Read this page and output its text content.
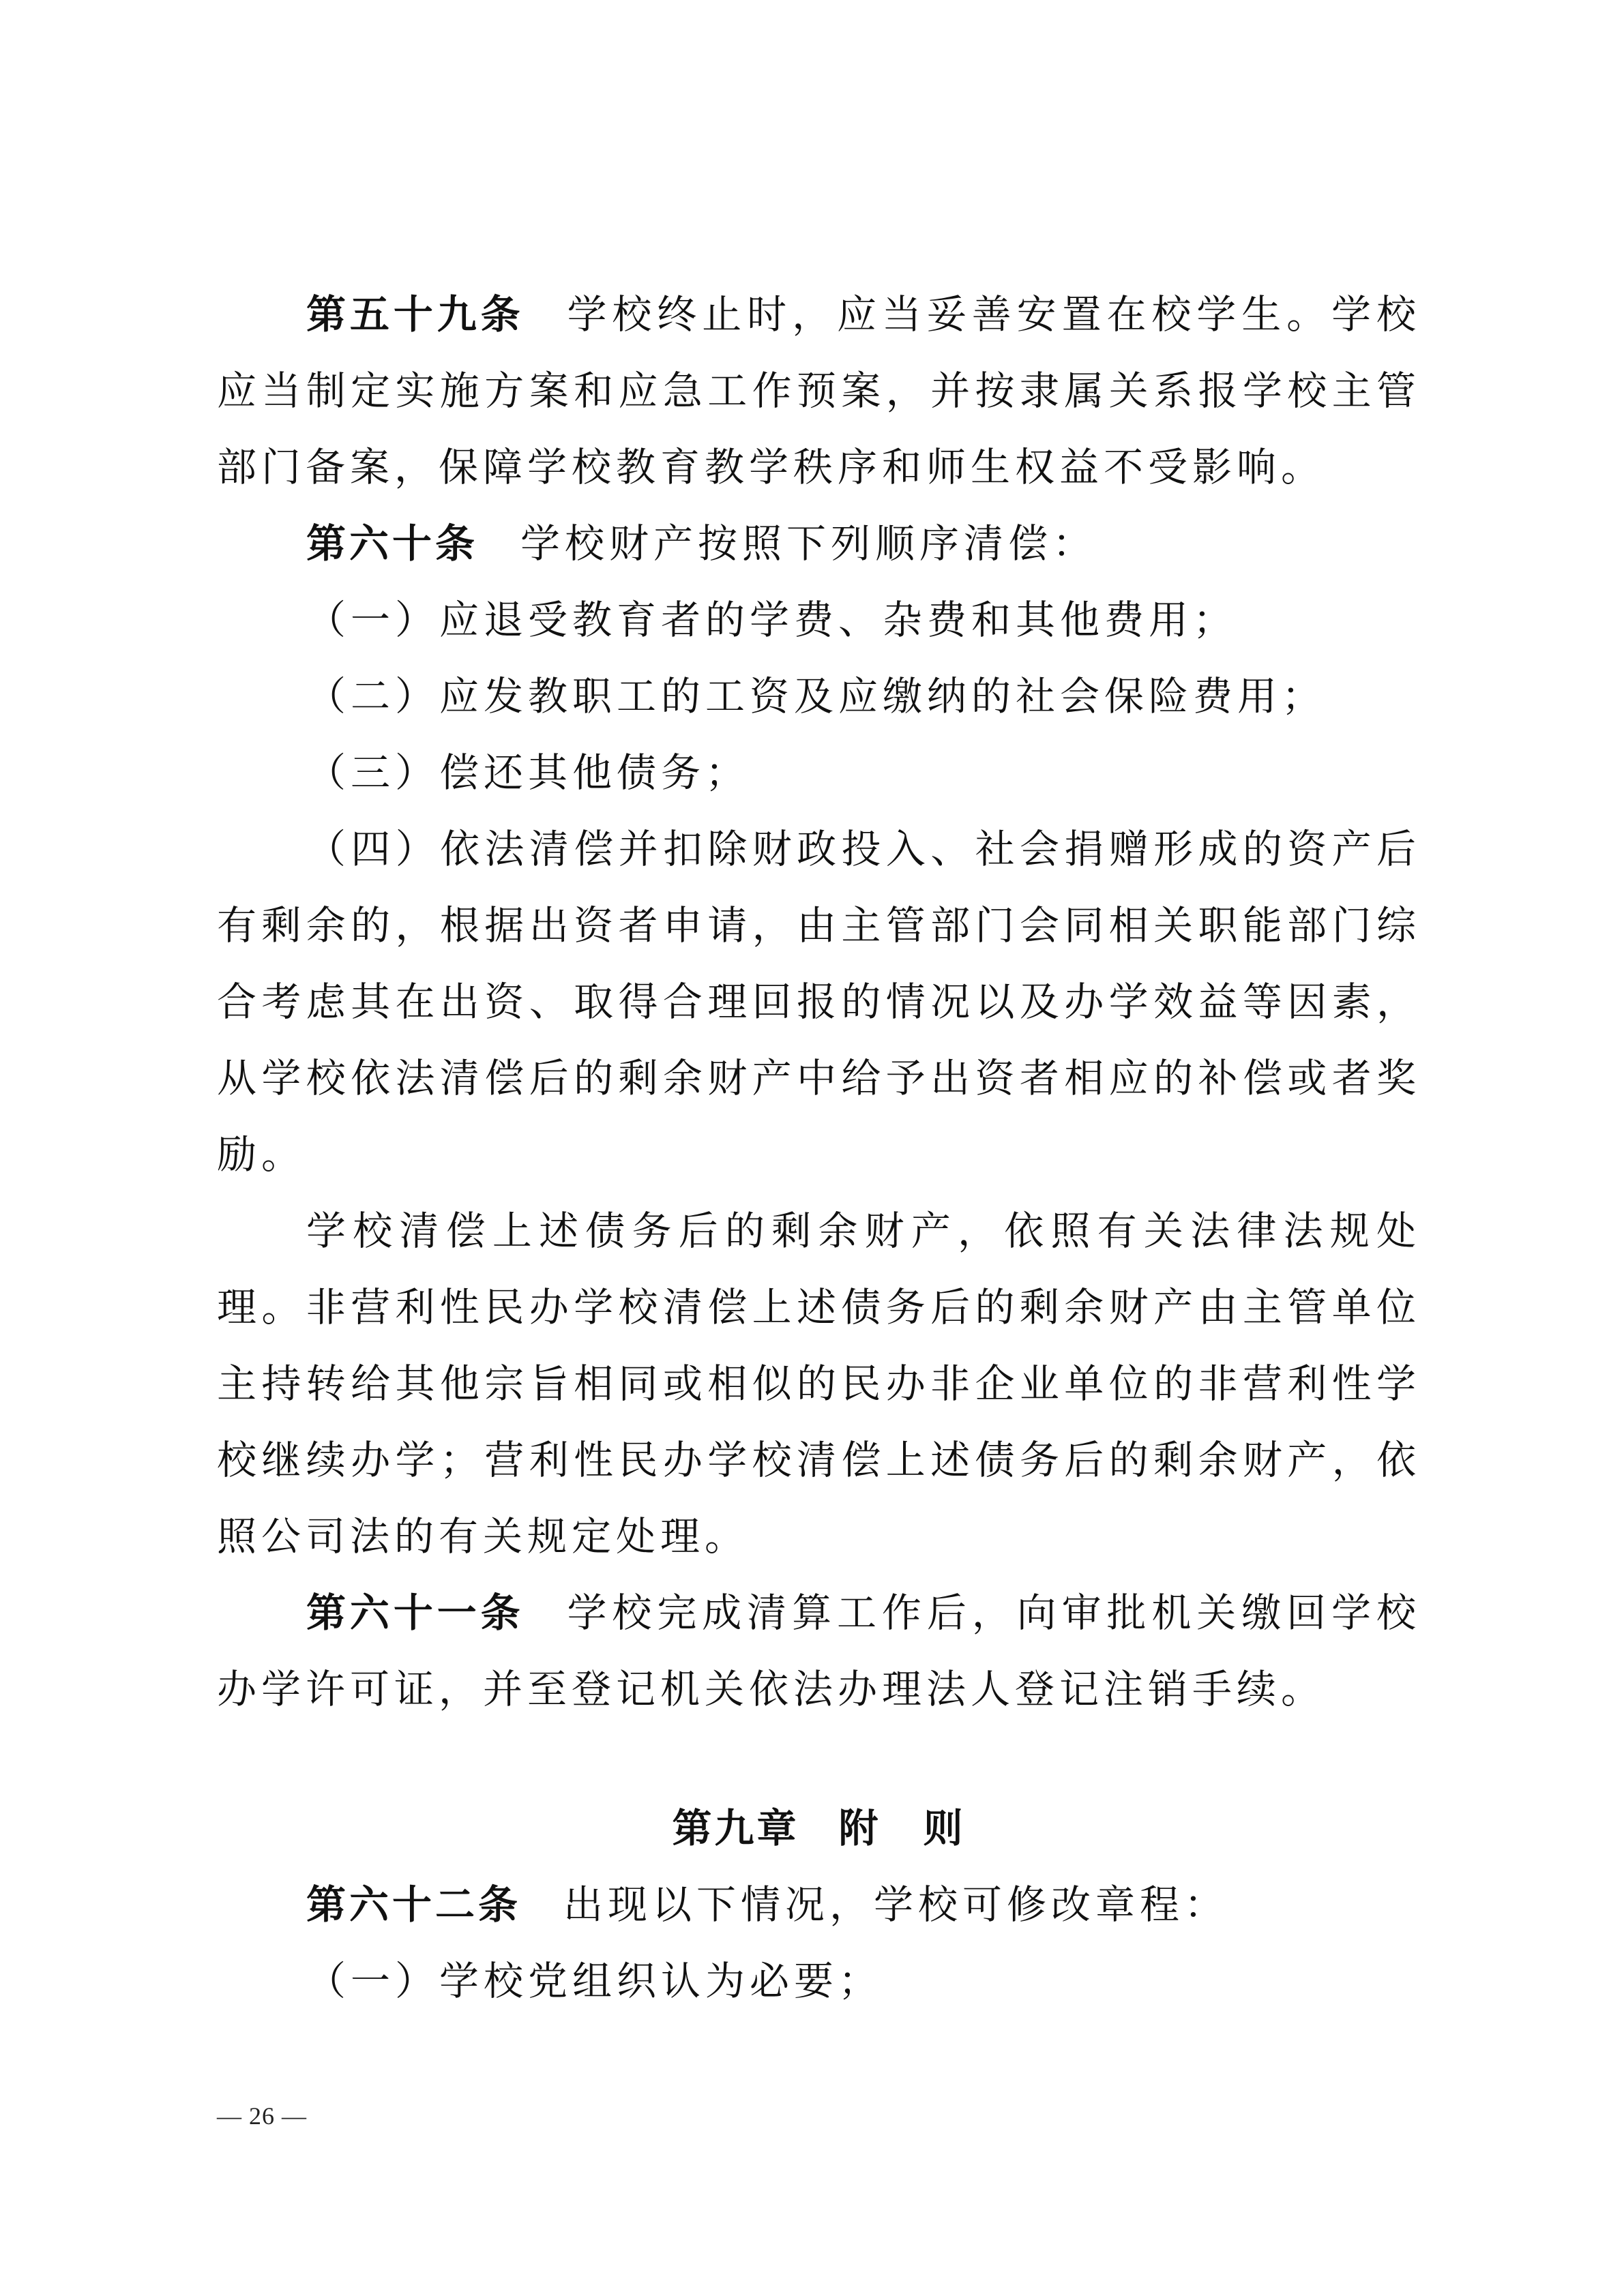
第五十九条 学校终止时，应当妥善安置在校学生。学校应当制定实施方案和应急工作预案，并按隶属关系报学校主管部门备案，保障学校教育教学秩序和师生权益不受影响。

第六十条 学校财产按照下列顺序清偿：

（一）应退受教育者的学费、杂费和其他费用；

（二）应发教职工的工资及应缴纳的社会保险费用；

（三）偿还其他债务；

（四）依法清偿并扣除财政投入、社会捐赠形成的资产后有剩余的，根据出资者申请，由主管部门会同相关职能部门综合考虑其在出资、取得合理回报的情况以及办学效益等因素，从学校依法清偿后的剩余财产中给予出资者相应的补偿或者奖励。

学校清偿上述债务后的剩余财产，依照有关法律法规处理。非营利性民办学校清偿上述债务后的剩余财产由主管单位主持转给其他宗旨相同或相似的民办非企业单位的非营利性学校继续办学；营利性民办学校清偿上述债务后的剩余财产，依照公司法的有关规定处理。

第六十一条 学校完成清算工作后，向审批机关缴回学校办学许可证，并至登记机关依法办理法人登记注销手续。

第九章 附　则

第六十二条 出现以下情况，学校可修改章程：

（一）学校党组织认为必要；

— 26 —
